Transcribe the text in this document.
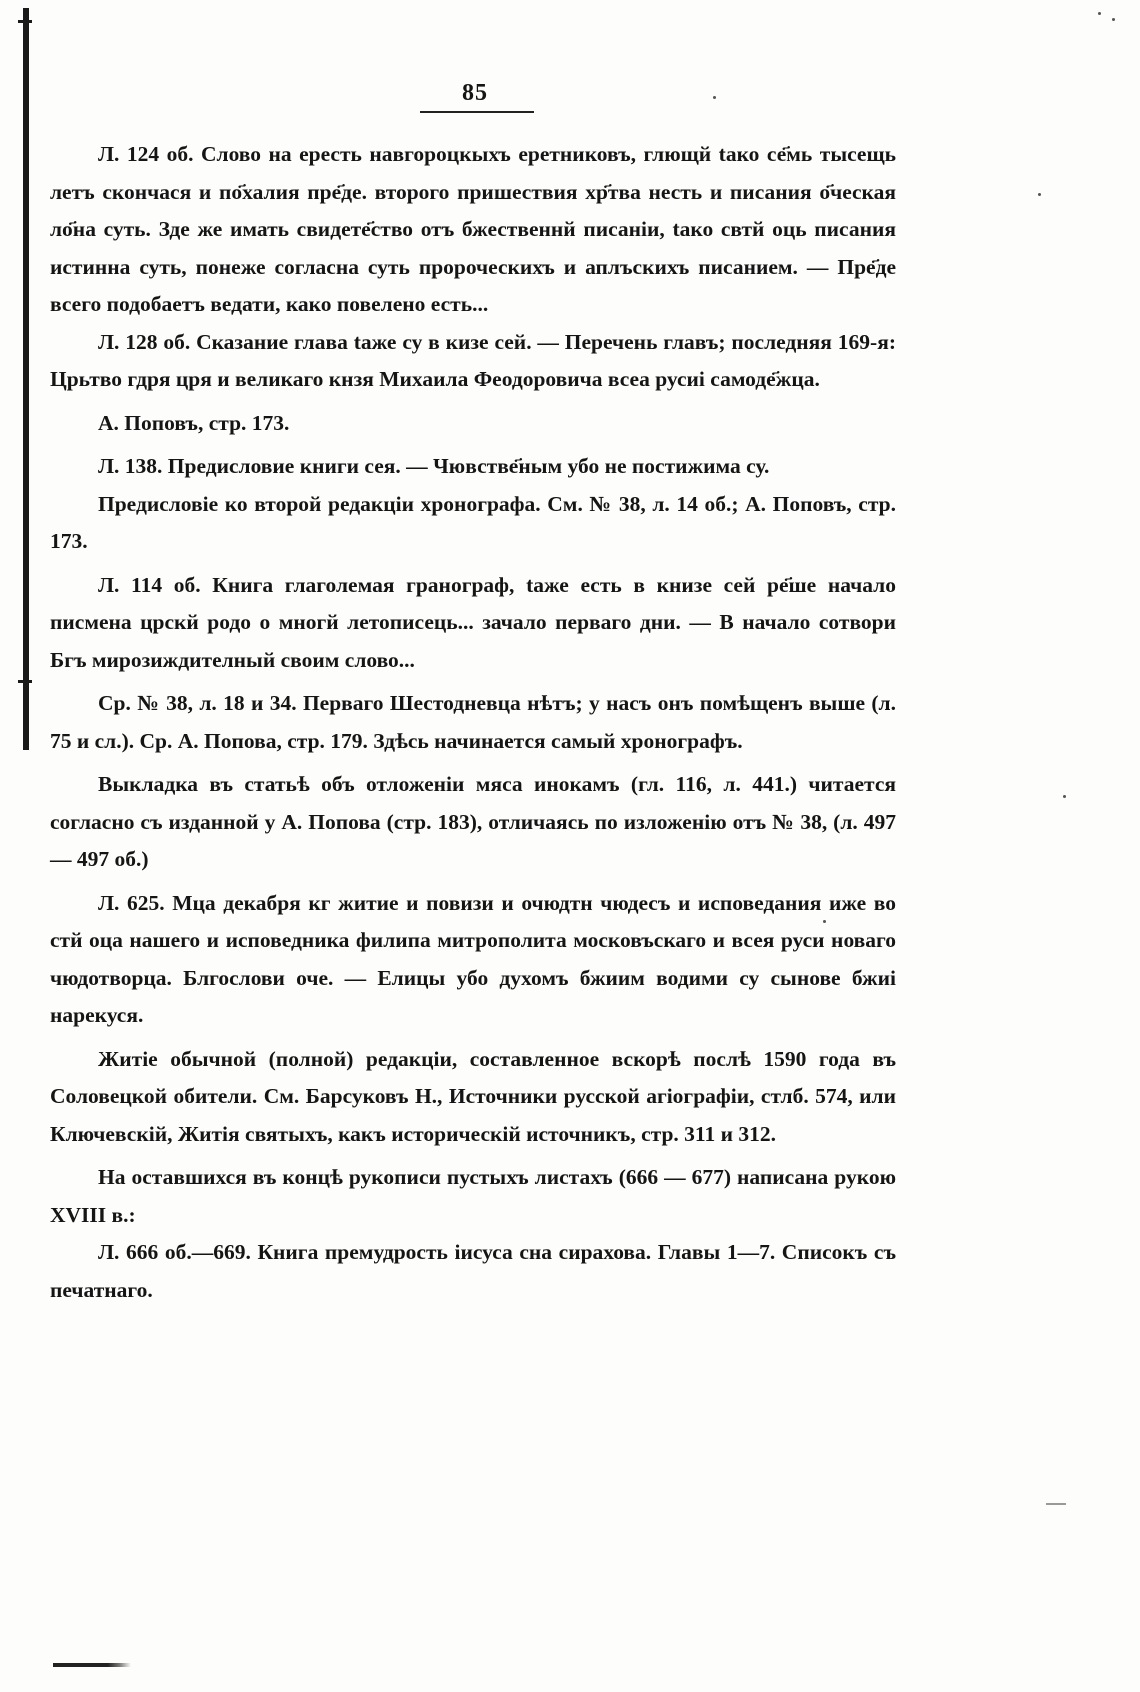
85

Л. 124 об. Слово на ересть навгороцкыхъ еретниковъ, глющй tако се҃мь тысещь летъ скончася и по҃халия пре҃де. второго пришествия хр҃тва несть и писания о҃ческая ло҃на суть. Зде же имать свидете҃ство отъ бжественнй писанiи, tако свтй оць писания истинна суть, понеже согласна суть пророческихъ и аплъскихъ писанием. — Пре҃де всего подобаетъ ведати, како повелено есть...

Л. 128 об. Сказание глава tаже су в кизе сей. — Перечень главъ; последняя 169-я: Црьтво гдря цря и великаго кнзя Михаила Феодоровича всеа русиi самоде҃жца.

А. Поповъ, стр. 173.

Л. 138. Предиcловие книги сея. — Чювстве҃ным убо не постижима су.

Предисловiе ко второй редакцiи хронографа. См. № 38, л. 14 об.; А. Поповъ, стр. 173.

Л. 114 об. Книга глаголемая гранограф, tаже есть в книзе сей ре҃ше начало писмена црскй родо о многй летописець... зачало перваго дни. — В начало сотвори Бгъ мирозиждителный своим слово...

Ср. № 38, л. 18 и 34. Перваго Шестодневца нѣтъ; у насъ онъ помѣщенъ выше (л. 75 и сл.). Ср. А. Попова, стр. 179. Здѣсь начинается самый хронографъ.

Выкладка въ статьѣ объ отложенiи мяса инокамъ (гл. 116, л. 441.) читается согласно съ изданной у А. Попова (стр. 183), отличаясь по изложенiю отъ № 38, (л. 497 — 497 об.)

Л. 625. Мца декабря кг житие и повизи и очюдтн чюдесъ и исповедания иже во стй оца нашего и исповедника филипа митрополита московъскаго и всея руси новаго чюдотворца. Блгослови оче. — Елицы убо духомъ бжиим водими су сынове бжиi нарекуся.

Житiе обычной (полной) редакцiи, составленное вскорѣ послѣ 1590 года въ Соловецкой обители. См. Барсуковъ Н., Источники русской агiографiи, стлб. 574, или Ключевскiй, Житiя святыхъ, какъ историческiй источникъ, стр. 311 и 312.

На оставшихся въ концѣ рукописи пустыхъ листахъ (666 — 677) написана рукою XVIII в.:

Л. 666 об.—669. Книга премудрость iисуса сна сирахова. Главы 1—7. Списокъ съ печатнаго.
